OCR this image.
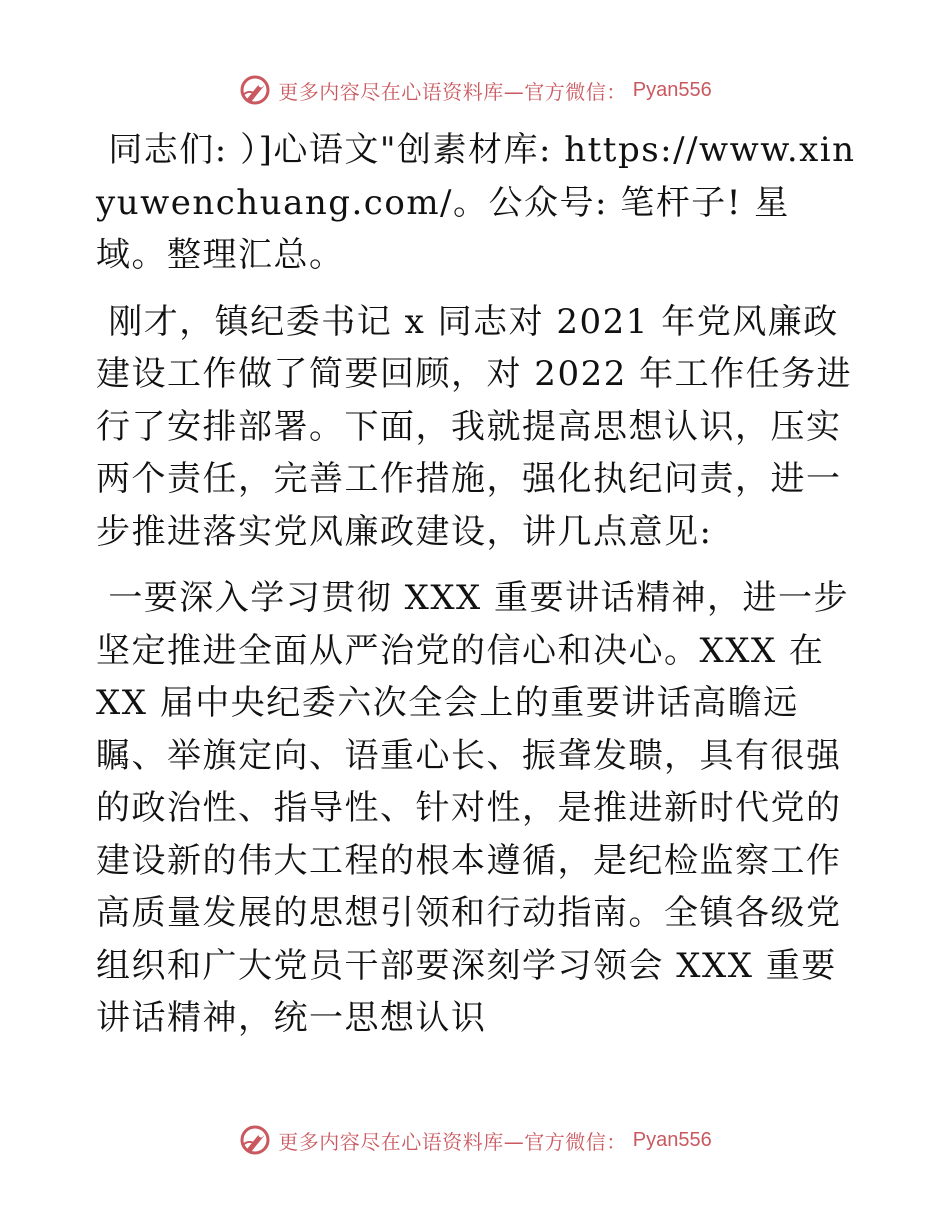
更多内容尽在心语资料库—官方微信： Pyan556

同志们: ）]心语文"创素材库: https://www.xinyuwenchuang.com/。公众号: 笔杆子! 星域。整理汇总。

刚才，镇纪委书记 x 同志对 2021 年党风廉政建设工作做了简要回顾，对 2022 年工作任务进行了安排部署。下面，我就提高思想认识，压实两个责任，完善工作措施，强化执纪问责，进一步推进落实党风廉政建设，讲几点意见:

一要深入学习贯彻 XXX 重要讲话精神，进一步坚定推进全面从严治党的信心和决心。XXX 在 XX 届中央纪委六次全会上的重要讲话高瞻远瞩、举旗定向、语重心长、振聋发聩，具有很强的政治性、指导性、针对性，是推进新时代党的建设新的伟大工程的根本遵循，是纪检监察工作高质量发展的思想引领和行动指南。全镇各级党组织和广大党员干部要深刻学习领会 XXX 重要讲话精神，统一思想认识

更多内容尽在心语资料库—官方微信： Pyan556
